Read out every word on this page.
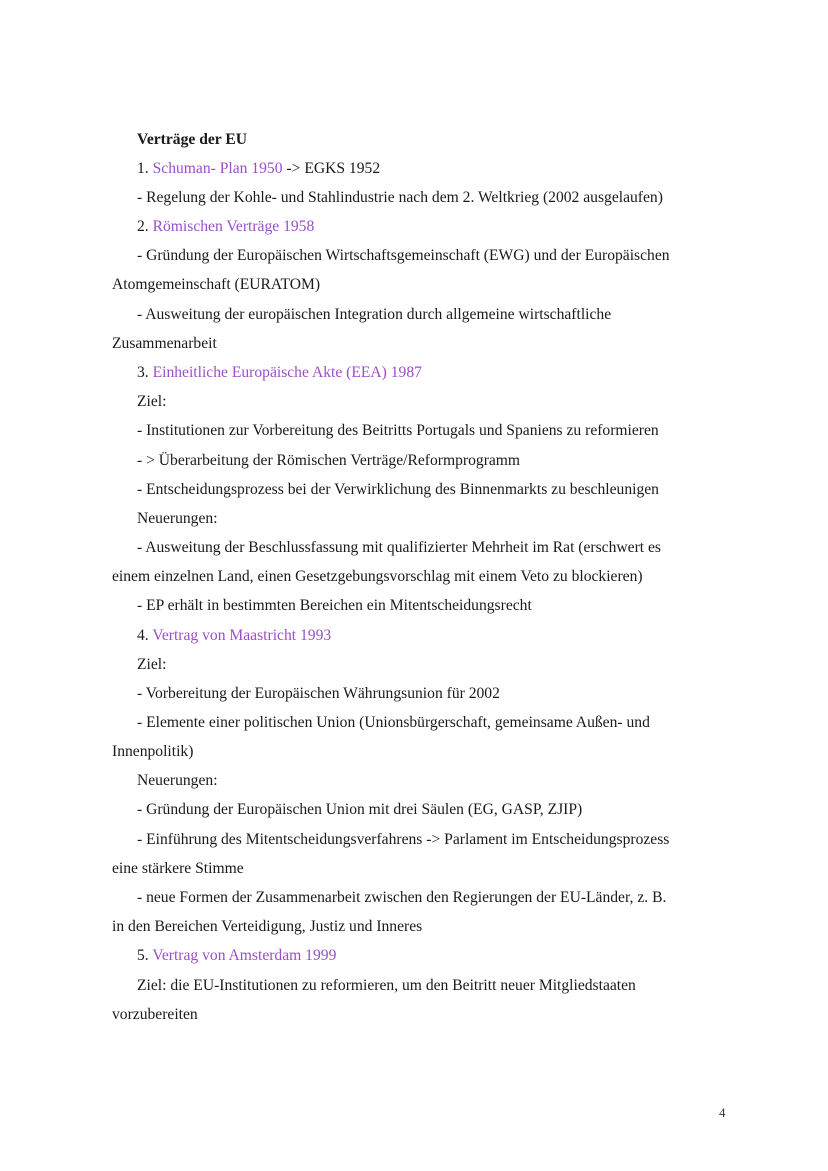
Verträge der EU
1. Schuman- Plan 1950 -> EGKS 1952
- Regelung der Kohle- und Stahlindustrie nach dem 2. Weltkrieg (2002 ausgelaufen)
2. Römischen Verträge 1958
- Gründung der Europäischen Wirtschaftsgemeinschaft (EWG) und der Europäischen
Atomgemeinschaft (EURATOM)
- Ausweitung der europäischen Integration durch allgemeine wirtschaftliche
Zusammenarbeit
3. Einheitliche Europäische Akte (EEA) 1987
Ziel:
- Institutionen zur Vorbereitung des Beitritts Portugals und Spaniens zu reformieren
- > Überarbeitung der Römischen Verträge/Reformprogramm
- Entscheidungsprozess bei der Verwirklichung des Binnenmarkts zu beschleunigen
Neuerungen:
- Ausweitung der Beschlussfassung mit qualifizierter Mehrheit im Rat (erschwert es
einem einzelnen Land, einen Gesetzgebungsvorschlag mit einem Veto zu blockieren)
- EP erhält in bestimmten Bereichen ein Mitentscheidungsrecht
4. Vertrag von Maastricht 1993
Ziel:
- Vorbereitung der Europäischen Währungsunion für 2002
- Elemente einer politischen Union (Unionsbürgerschaft, gemeinsame Außen- und
Innenpolitik)
Neuerungen:
- Gründung der Europäischen Union mit drei Säulen (EG, GASP, ZJIP)
- Einführung des Mitentscheidungsverfahrens -> Parlament im Entscheidungsprozess
eine stärkere Stimme
- neue Formen der Zusammenarbeit zwischen den Regierungen der EU-Länder, z. B.
in den Bereichen Verteidigung, Justiz und Inneres
5. Vertrag von Amsterdam 1999
Ziel: die EU-Institutionen zu reformieren, um den Beitritt neuer Mitgliedstaaten
vorzubereiten
4
